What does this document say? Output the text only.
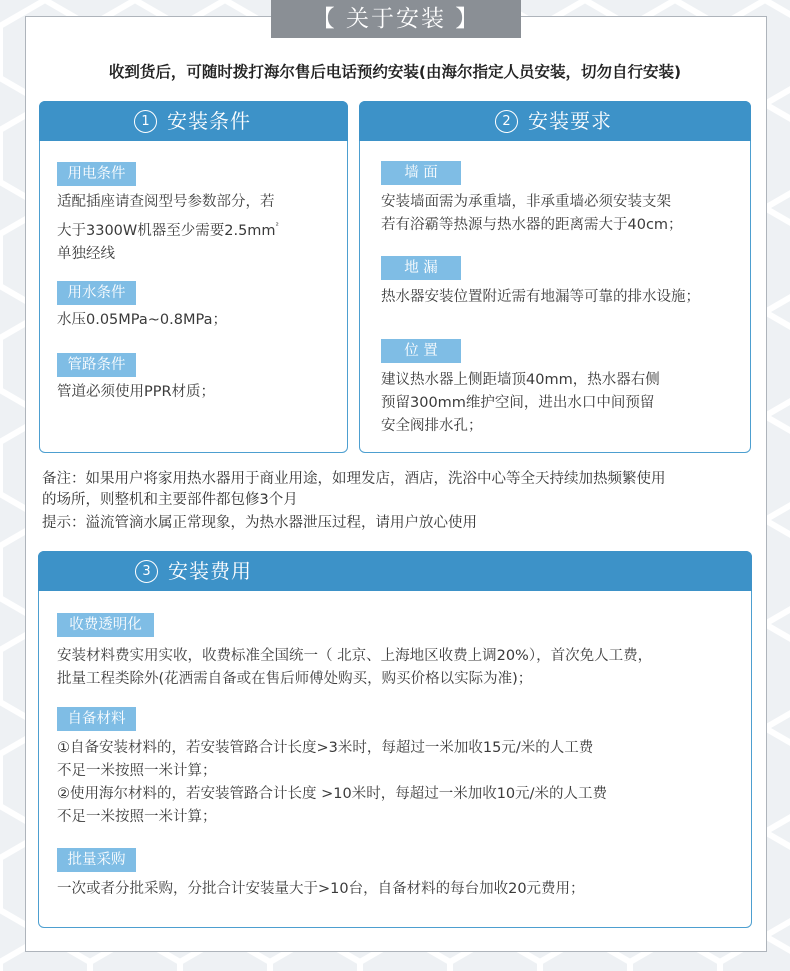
【 关于安装 】
收到货后，可随时拨打海尔售后电话预约安装(由海尔指定人员安装，切勿自行安装)
1 安装条件
用电条件
适配插座请查阅型号参数部分，若
大于3300W机器至少需要$2.5mm^{^2}$
单独经线
用水条件
水压0.05MPa~0.8MPa；
管路条件
管道必须使用PPR材质；
2 安装要求
墙 面
安装墙面需为承重墙，非承重墙必须安装支架
若有浴霸等热源与热水器的距离需大于40cm；
地 漏
热水器安装位置附近需有地漏等可靠的排水设施；
位 置
建议热水器上侧距墙顶40mm，热水器右侧
预留300mm维护空间，进出水口中间预留
安全阀排水孔；
备注：如果用户将家用热水器用于商业用途，如理发店，酒店，洗浴中心等全天持续加热频繁使用
的场所，则整机和主要部件都包修3个月
提示：溢流管滴水属正常现象，为热水器泄压过程，请用户放心使用
3 安装费用
收费透明化
安装材料费实用实收，收费标准全国统一（ 北京、上海地区收费上调20%），首次免人工费，
批量工程类除外(花洒需自备或在售后师傅处购买，购买价格以实际为准)；
自备材料
①自备安装材料的，若安装管路合计长度>3米时，每超过一米加收15元/米的人工费
不足一米按照一米计算；
②使用海尔材料的，若安装管路合计长度 >10米时，每超过一米加收10元/米的人工费
不足一米按照一米计算；
批量采购
一次或者分批采购，分批合计安装量大于>10台，自备材料的每台加收20元费用；
